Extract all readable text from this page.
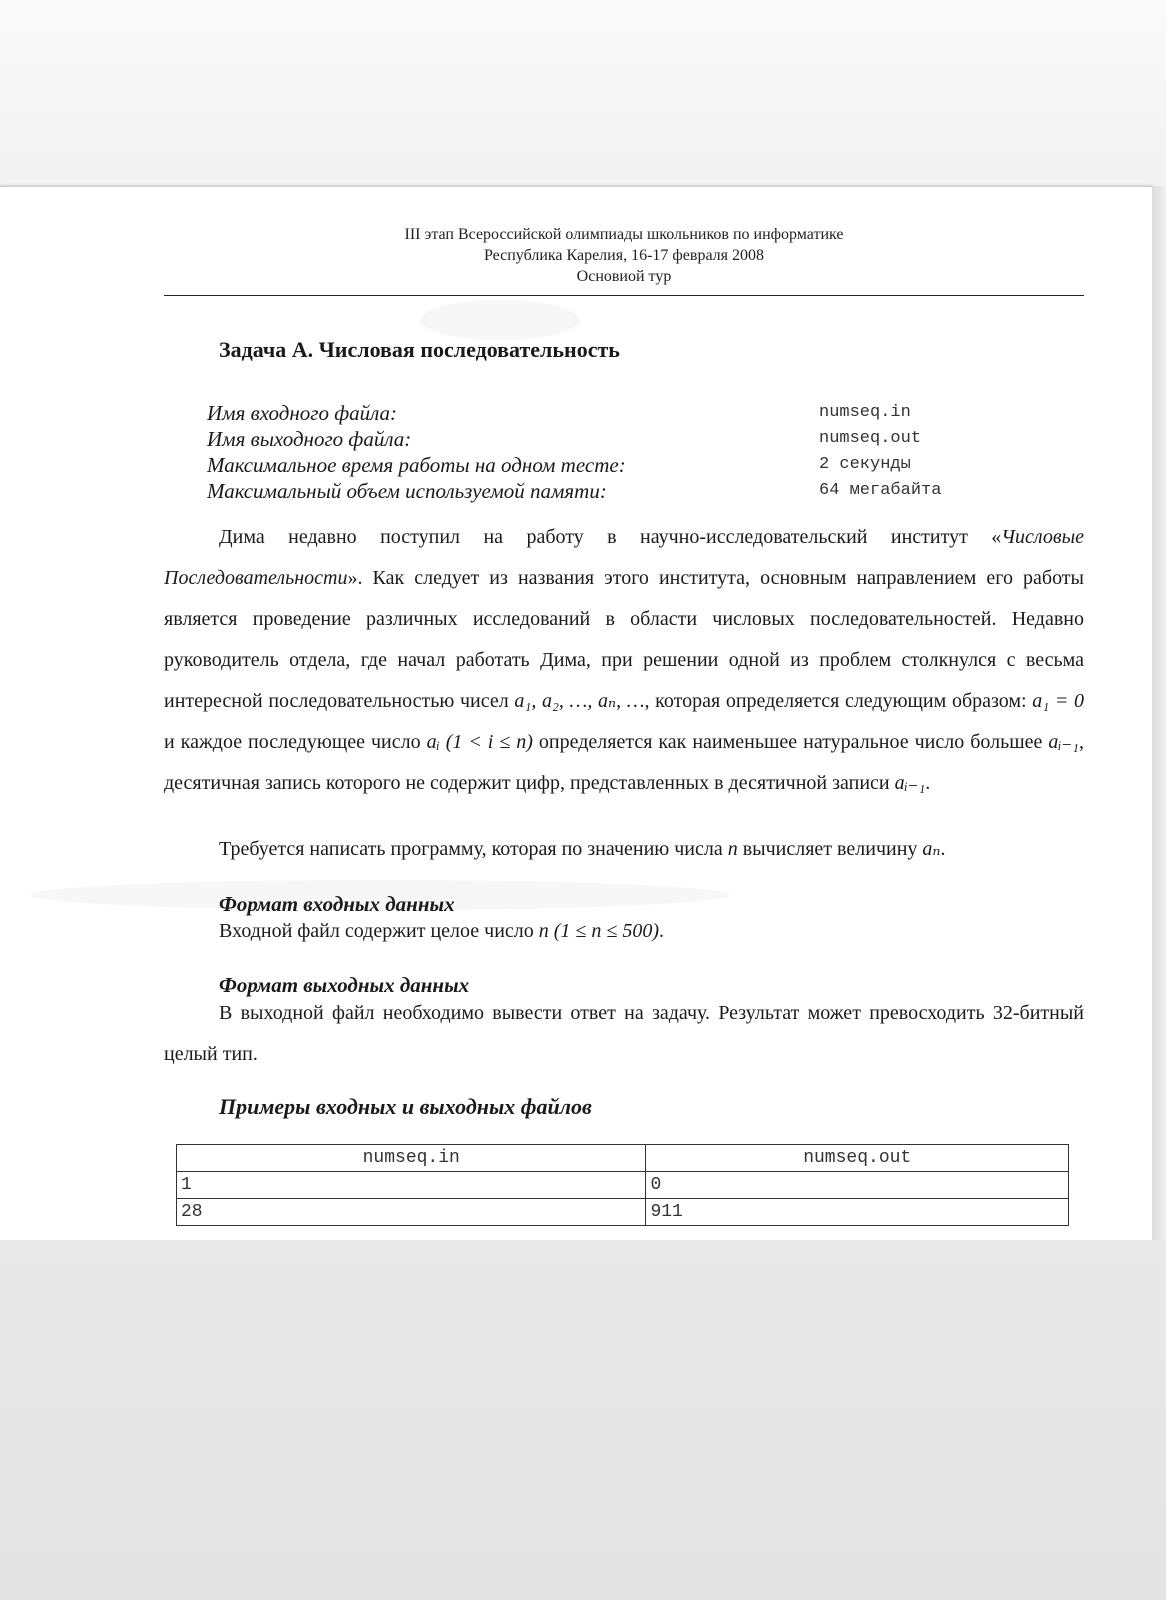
III этап Всероссийской олимпиады школьников по информатике
Республика Карелия, 16-17 февраля 2008
Основиой тур
Задача А. Числовая последовательность
Имя входного файла:	numseq.in
Имя выходного файла:	numseq.out
Максимальное время работы на одном тесте:	2 секунды
Максимальный объем используемой памяти:	64 мегабайта

Дима недавно поступил на работу в научно-исследовательский институт «Числовые Последовательности». Как следует из названия этого института, основным направлением его работы является проведение различных исследований в области числовых последовательностей. Недавно руководитель отдела, где начал работать Дима, при решении одной из проблем столкнулся с весьма интересной последовательностью чисел a₁, a₂, …, aₙ, …, которая определяется следующим образом: a₁ = 0 и каждое последующее число aᵢ (1 < i ≤ n) определяется как наименьшее натуральное число большее aᵢ₋₁, десятичная запись которого не содержит цифр, представленных в десятичной записи aᵢ₋₁.

Требуется написать программу, которая по значению числа n вычисляет величину aₙ.

Формат входных данных

Входной файл содержит целое число n (1 ≤ n ≤ 500).

Формат выходных данных

В выходной файл необходимо вывести ответ на задачу. Результат может превосходить 32-битный целый тип.

Примеры входных и выходных файлов
numseq.in	numseq.out
1	0
28	911
